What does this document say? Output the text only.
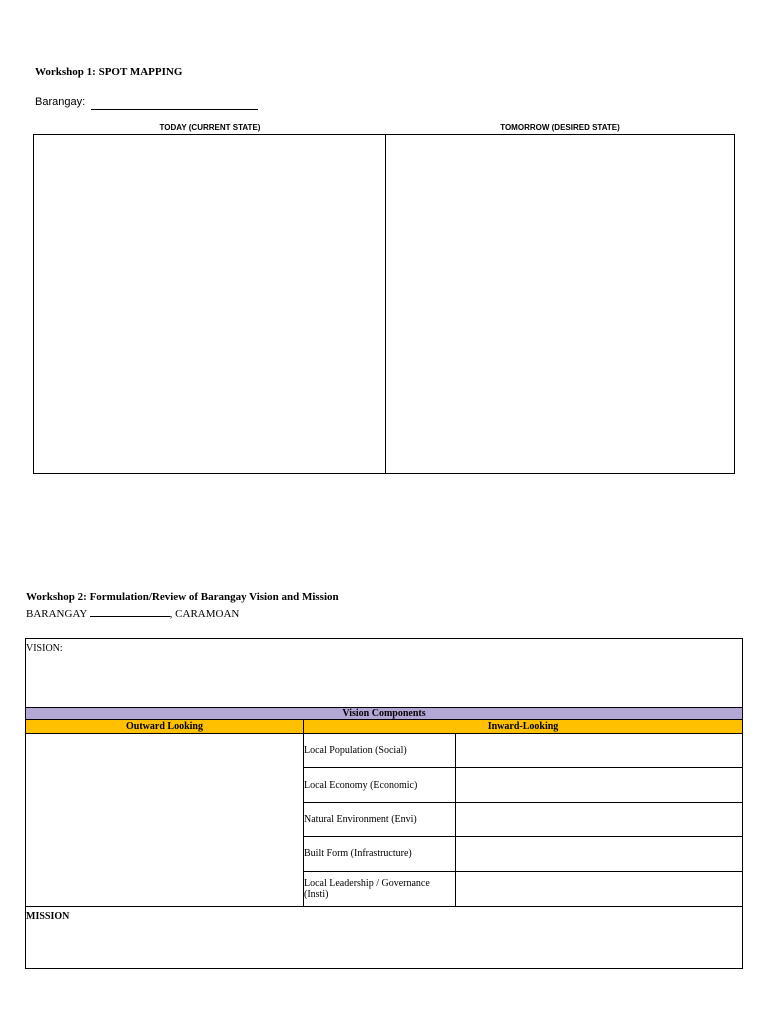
Workshop 1: SPOT MAPPING
Barangay:
TODAY (CURRENT STATE)	TOMORROW (DESIRED STATE)
Workshop 2: Formulation/Review of Barangay Vision and Mission
BARANGAY	, CARAMOAN
VISION:
Vision Components
Outward Looking	Inward-Looking
Local Population (Social)
Local Economy (Economic)
Natural Environment (Envi)
Built Form (Infrastructure)
Local Leadership / Governance (Insti)
MISSION
